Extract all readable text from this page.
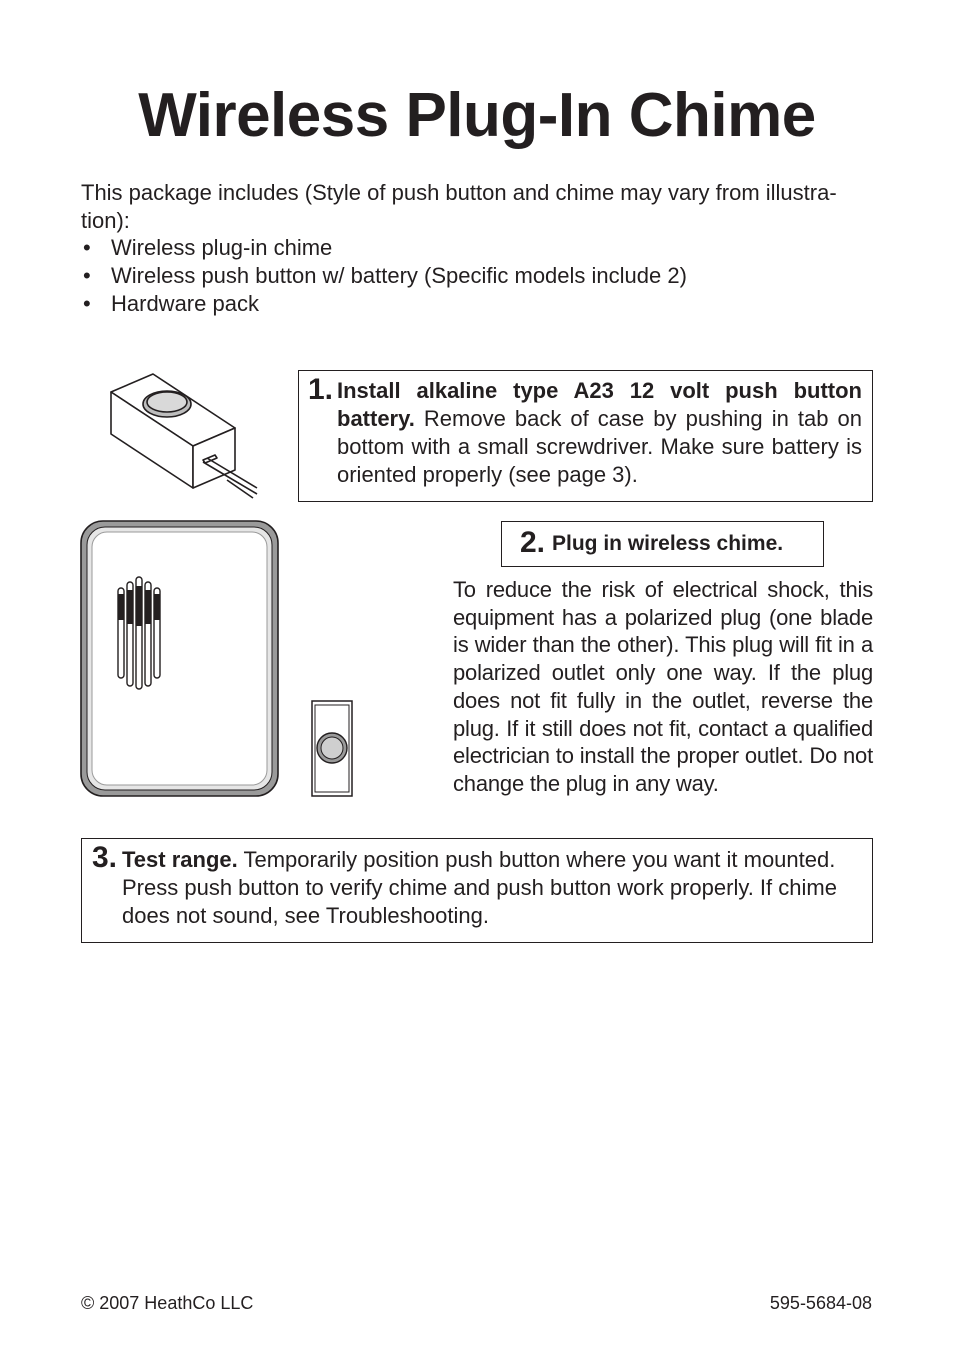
Wireless Plug-In Chime
This package includes (Style of push button and chime may vary from illustra- tion):
• Wireless plug-in chime
• Wireless push button w/ battery (Specific models include 2)
• Hardware pack
1. Install alkaline type A23 12 volt push button battery. Remove back of case by pushing in tab on bottom with a small screwdriver. Make sure battery is oriented properly (see page 3).
2. Plug in wireless chime.
To reduce the risk of electrical shock, this equipment has a polarized plug (one blade is wider than the other). This plug will fit in a polarized outlet only one way. If the plug does not fit fully in the outlet, reverse the plug. If it still does not fit, contact a qualified electrician to install the proper outlet. Do not change the plug in any way.
3. Test range. Temporarily position push button where you want it mounted. Press push button to verify chime and push button work properly. If chime does not sound, see Troubleshooting.
© 2007 HeathCo LLC	595-5684-08
